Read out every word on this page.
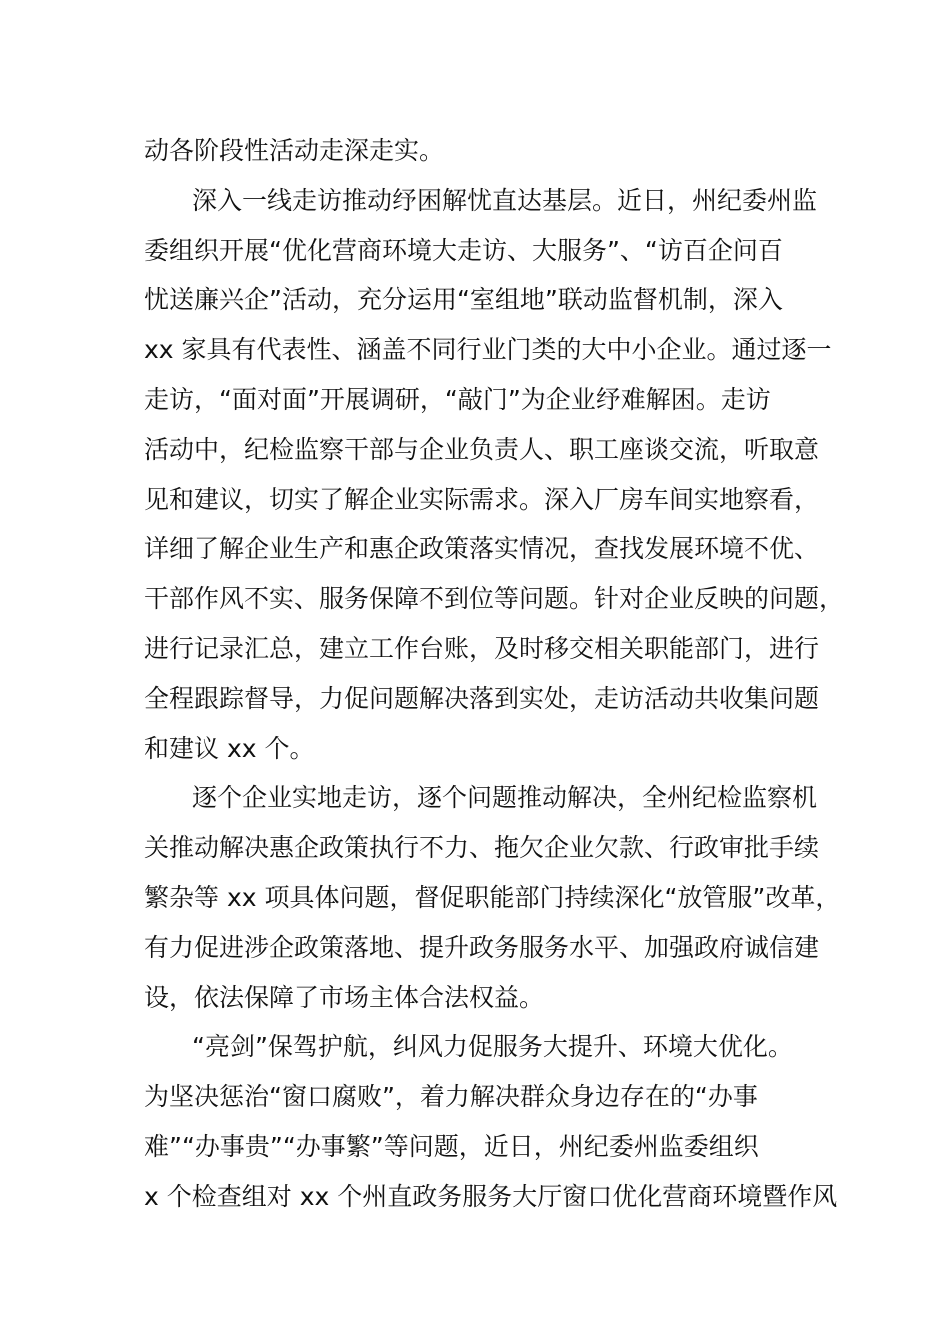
动各阶段性活动走深走实。
深入一线走访推动纾困解忧直达基层。近日，州纪委州监
委组织开展“优化营商环境大走访、大服务”、“访百企问百
忧送廉兴企”活动，充分运用“室组地”联动监督机制，深入
xx 家具有代表性、涵盖不同行业门类的大中小企业。通过逐一
走访，“面对面”开展调研，“敲门”为企业纾难解困。走访
活动中，纪检监察干部与企业负责人、职工座谈交流，听取意
见和建议，切实了解企业实际需求。深入厂房车间实地察看，
详细了解企业生产和惠企政策落实情况，查找发展环境不优、
干部作风不实、服务保障不到位等问题。针对企业反映的问题，
进行记录汇总，建立工作台账，及时移交相关职能部门，进行
全程跟踪督导，力促问题解决落到实处，走访活动共收集问题
和建议 xx 个。
逐个企业实地走访，逐个问题推动解决，全州纪检监察机
关推动解决惠企政策执行不力、拖欠企业欠款、行政审批手续
繁杂等 xx 项具体问题，督促职能部门持续深化“放管服”改革，
有力促进涉企政策落地、提升政务服务水平、加强政府诚信建
设，依法保障了市场主体合法权益。
“亮剑”保驾护航，纠风力促服务大提升、环境大优化。
为坚决惩治“窗口腐败”，着力解决群众身边存在的“办事
难”“办事贵”“办事繁”等问题，近日，州纪委州监委组织
x 个检查组对 xx 个州直政务服务大厅窗口优化营商环境暨作风
